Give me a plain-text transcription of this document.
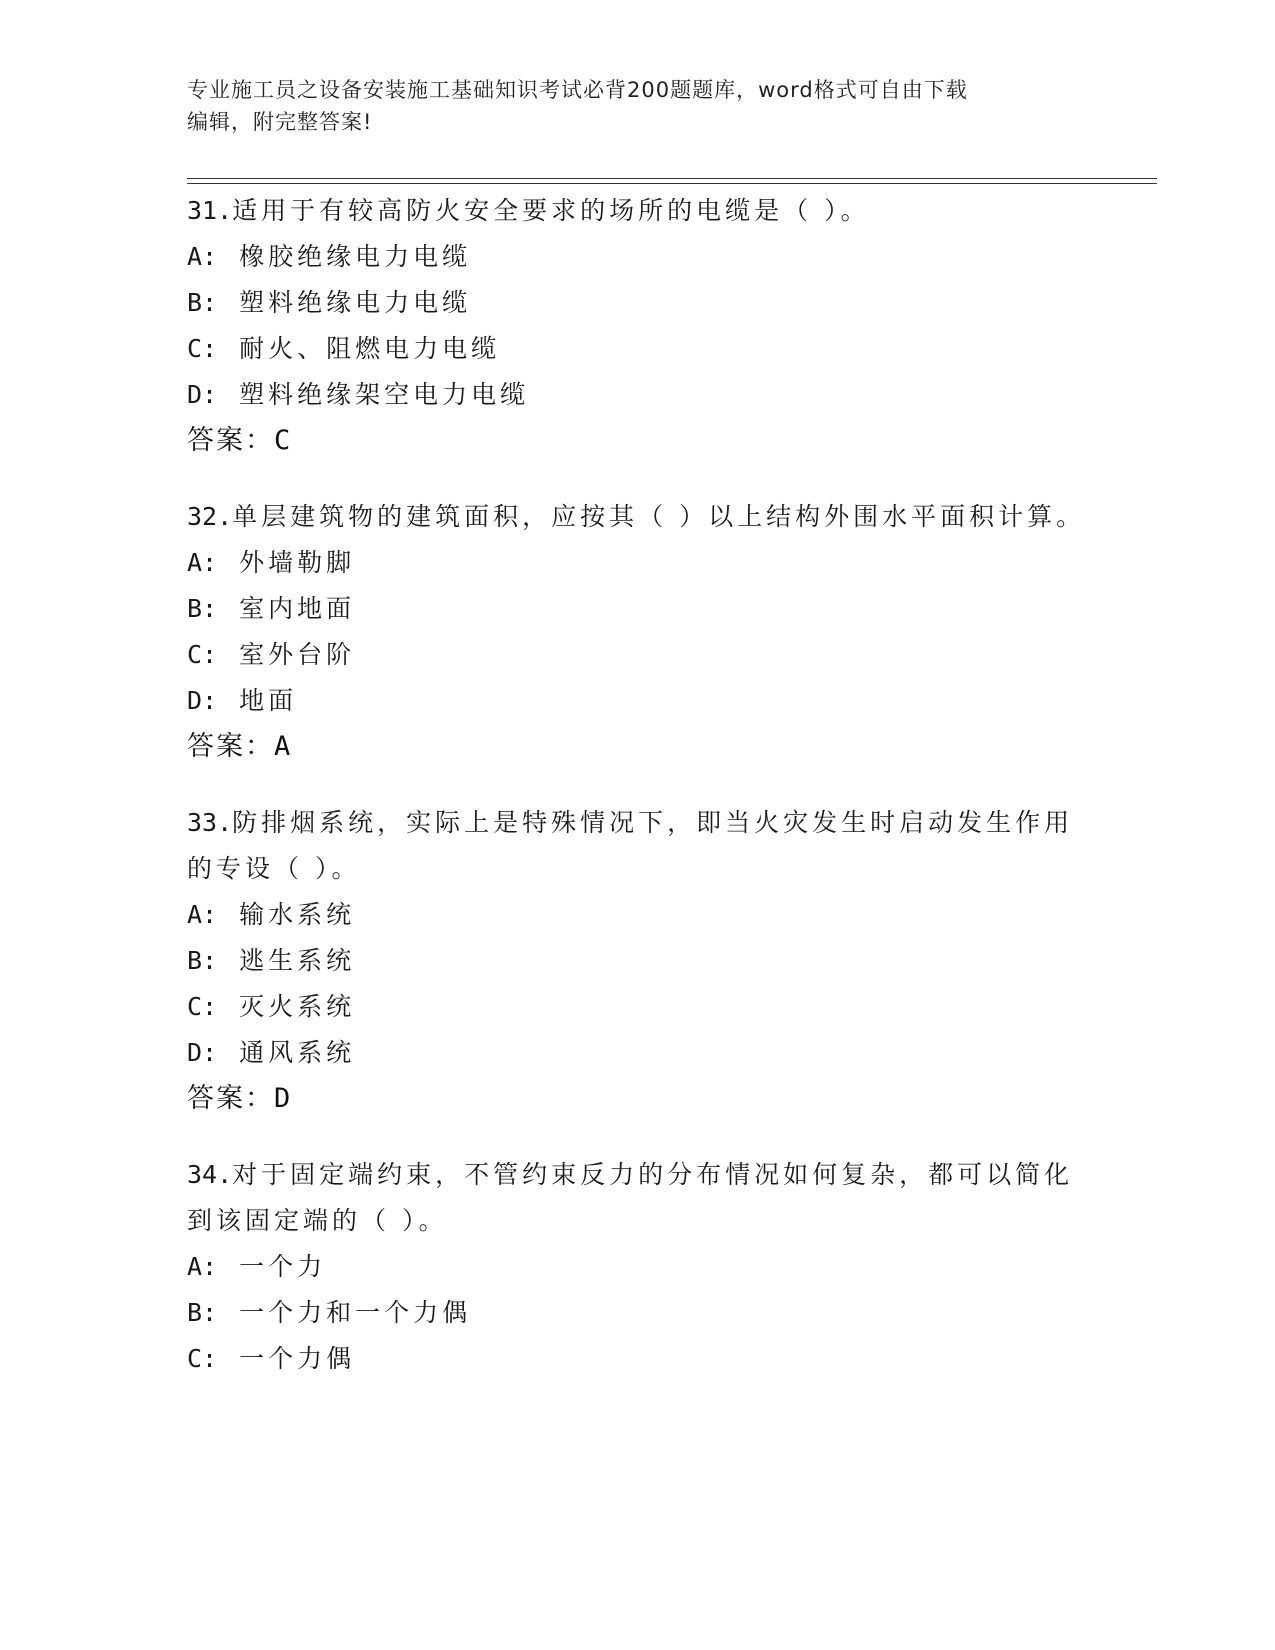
专业施工员之设备安装施工基础知识考试必背200题题库，word格式可自由下载
编辑，附完整答案!

31.适用于有较高防火安全要求的场所的电缆是（ ）。

A: 橡胶绝缘电力电缆

B: 塑料绝缘电力电缆

C: 耐火、阻燃电力电缆

D: 塑料绝缘架空电力电缆

答案：C

32.单层建筑物的建筑面积，应按其（ ）以上结构外围水平面积计算。

A: 外墙勒脚

B: 室内地面

C: 室外台阶

D: 地面

答案：A

33.防排烟系统，实际上是特殊情况下，即当火灾发生时启动发生作用的专设（ ）。

A: 输水系统

B: 逃生系统

C: 灭火系统

D: 通风系统

答案：D

34.对于固定端约束，不管约束反力的分布情况如何复杂，都可以简化到该固定端的（ ）。

A: 一个力

B: 一个力和一个力偶

C: 一个力偶
